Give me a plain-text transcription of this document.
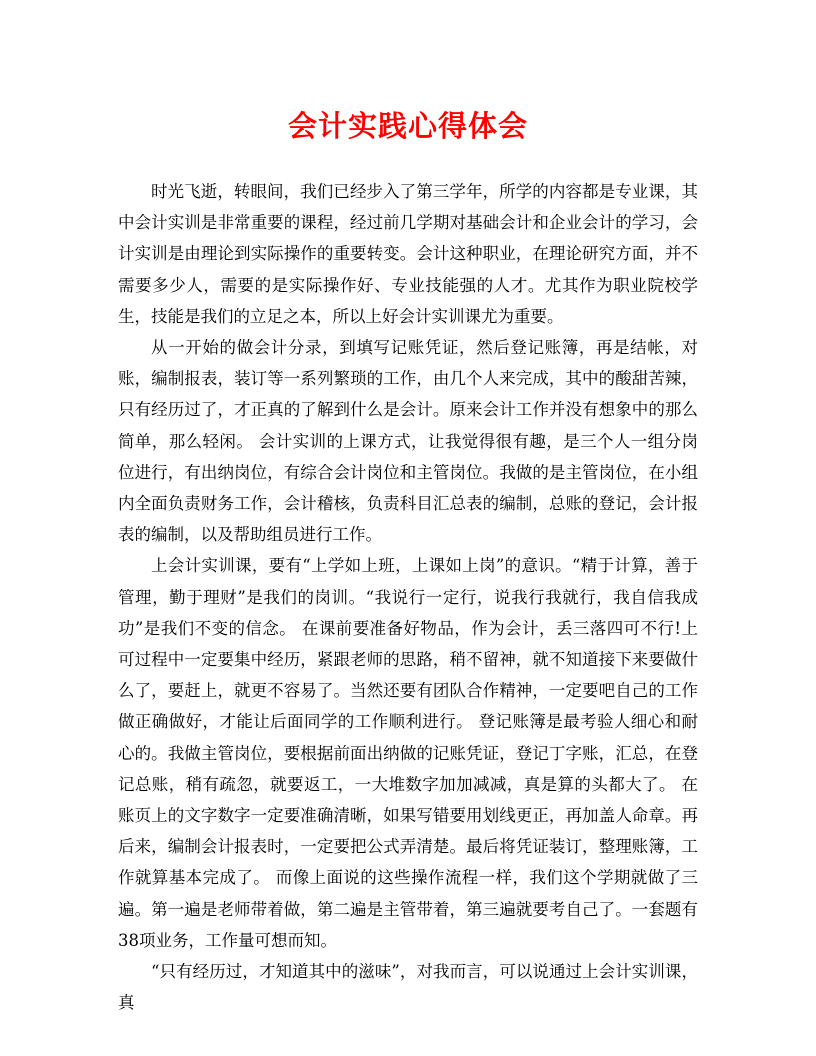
会计实践心得体会

时光飞逝，转眼间，我们已经步入了第三学年，所学的内容都是专业课，其中会计实训是非常重要的课程，经过前几学期对基础会计和企业会计的学习，会计实训是由理论到实际操作的重要转变。会计这种职业，在理论研究方面，并不需要多少人，需要的是实际操作好、专业技能强的人才。尤其作为职业院校学生，技能是我们的立足之本，所以上好会计实训课尤为重要。

从一开始的做会计分录，到填写记账凭证，然后登记账簿，再是结帐，对账，编制报表，装订等一系列繁琐的工作，由几个人来完成，其中的酸甜苦辣，只有经历过了，才正真的了解到什么是会计。原来会计工作并没有想象中的那么简单，那么轻闲。 会计实训的上课方式，让我觉得很有趣，是三个人一组分岗位进行，有出纳岗位，有综合会计岗位和主管岗位。我做的是主管岗位，在小组内全面负责财务工作，会计稽核，负责科目汇总表的编制，总账的登记，会计报表的编制，以及帮助组员进行工作。

上会计实训课，要有“上学如上班，上课如上岗”的意识。“精于计算，善于管理，勤于理财”是我们的岗训。“我说行一定行，说我行我就行，我自信我成功”是我们不变的信念。 在课前要准备好物品，作为会计，丢三落四可不行!上可过程中一定要集中经历，紧跟老师的思路，稍不留神，就不知道接下来要做什么了，要赶上，就更不容易了。当然还要有团队合作精神，一定要吧自己的工作做正确做好，才能让后面同学的工作顺利进行。 登记账簿是最考验人细心和耐心的。我做主管岗位，要根据前面出纳做的记账凭证，登记丁字账，汇总，在登记总账，稍有疏忽，就要返工，一大堆数字加加减减，真是算的头都大了。 在账页上的文字数字一定要准确清晰，如果写错要用划线更正，再加盖人命章。再后来，编制会计报表时，一定要把公式弄清楚。最后将凭证装订，整理账簿，工作就算基本完成了。 而像上面说的这些操作流程一样，我们这个学期就做了三遍。第一遍是老师带着做，第二遍是主管带着，第三遍就要考自己了。一套题有38项业务，工作量可想而知。

“只有经历过，才知道其中的滋味”，对我而言，可以说通过上会计实训课，真
